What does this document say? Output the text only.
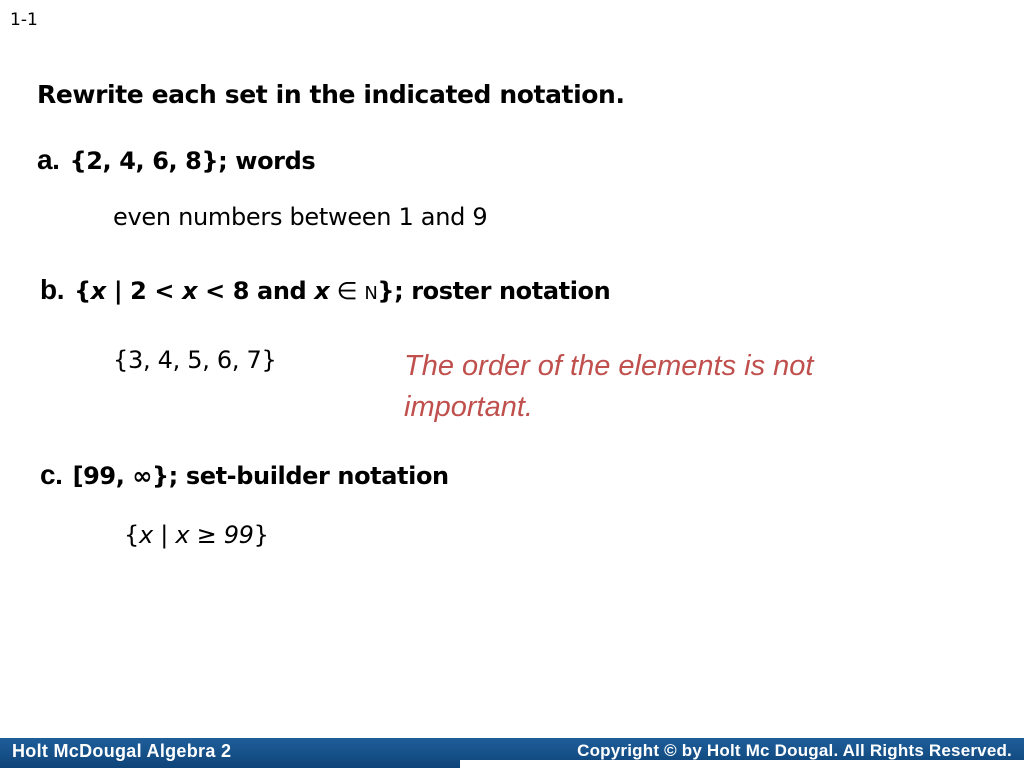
1-1
Rewrite each set in the indicated notation.
a. {2, 4, 6, 8}; words
even numbers between 1 and 9
b. {x | 2 < x < 8 and x ∈ N}; roster notation
{3, 4, 5, 6, 7}	The order of the elements is not important.
c. [99, ∞}; set-builder notation
{x | x ≥ 99}
Holt McDougal Algebra 2	Copyright © by Holt Mc Dougal. All Rights Reserved.
